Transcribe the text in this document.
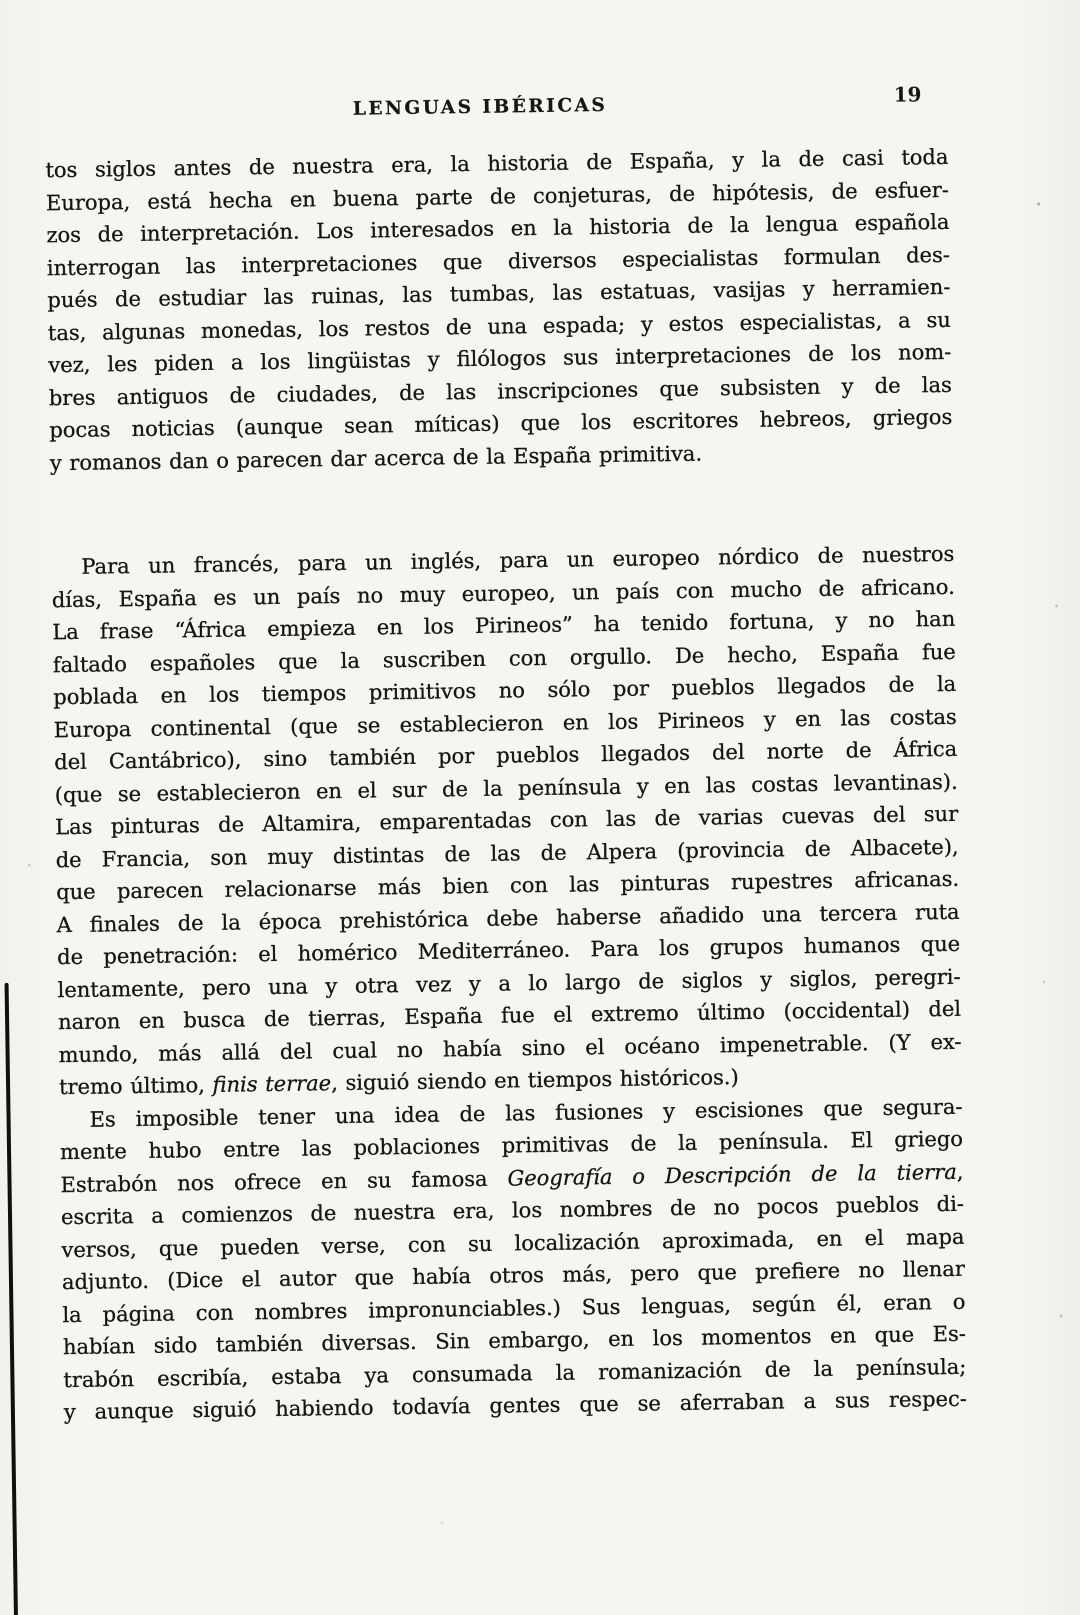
LENGUAS IBÉRICAS
19
tos siglos antes de nuestra era, la historia de España, y la de casi toda
Europa, está hecha en buena parte de conjeturas, de hipótesis, de esfuer-
zos de interpretación. Los interesados en la historia de la lengua española
interrogan las interpretaciones que diversos especialistas formulan des-
pués de estudiar las ruinas, las tumbas, las estatuas, vasijas y herramien-
tas, algunas monedas, los restos de una espada; y estos especialistas, a su
vez, les piden a los lingüistas y filólogos sus interpretaciones de los nom-
bres antiguos de ciudades, de las inscripciones que subsisten y de las
pocas noticias (aunque sean míticas) que los escritores hebreos, griegos
y romanos dan o parecen dar acerca de la España primitiva.
Para un francés, para un inglés, para un europeo nórdico de nuestros
días, España es un país no muy europeo, un país con mucho de africano.
La frase “África empieza en los Pirineos” ha tenido fortuna, y no han
faltado españoles que la suscriben con orgullo. De hecho, España fue
poblada en los tiempos primitivos no sólo por pueblos llegados de la
Europa continental (que se establecieron en los Pirineos y en las costas
del Cantábrico), sino también por pueblos llegados del norte de África
(que se establecieron en el sur de la península y en las costas levantinas).
Las pinturas de Altamira, emparentadas con las de varias cuevas del sur
de Francia, son muy distintas de las de Alpera (provincia de Albacete),
que parecen relacionarse más bien con las pinturas rupestres africanas.
A finales de la época prehistórica debe haberse añadido una tercera ruta
de penetración: el homérico Mediterráneo. Para los grupos humanos que
lentamente, pero una y otra vez y a lo largo de siglos y siglos, peregri-
naron en busca de tierras, España fue el extremo último (occidental) del
mundo, más allá del cual no había sino el océano impenetrable. (Y ex-
tremo último, finis terrae, siguió siendo en tiempos históricos.)
Es imposible tener una idea de las fusiones y escisiones que segura-
mente hubo entre las poblaciones primitivas de la península. El griego
Estrabón nos ofrece en su famosa Geografía o Descripción de la tierra,
escrita a comienzos de nuestra era, los nombres de no pocos pueblos di-
versos, que pueden verse, con su localización aproximada, en el mapa
adjunto. (Dice el autor que había otros más, pero que prefiere no llenar
la página con nombres impronunciables.) Sus lenguas, según él, eran o
habían sido también diversas. Sin embargo, en los momentos en que Es-
trabón escribía, estaba ya consumada la romanización de la península;
y aunque siguió habiendo todavía gentes que se aferraban a sus respec-
